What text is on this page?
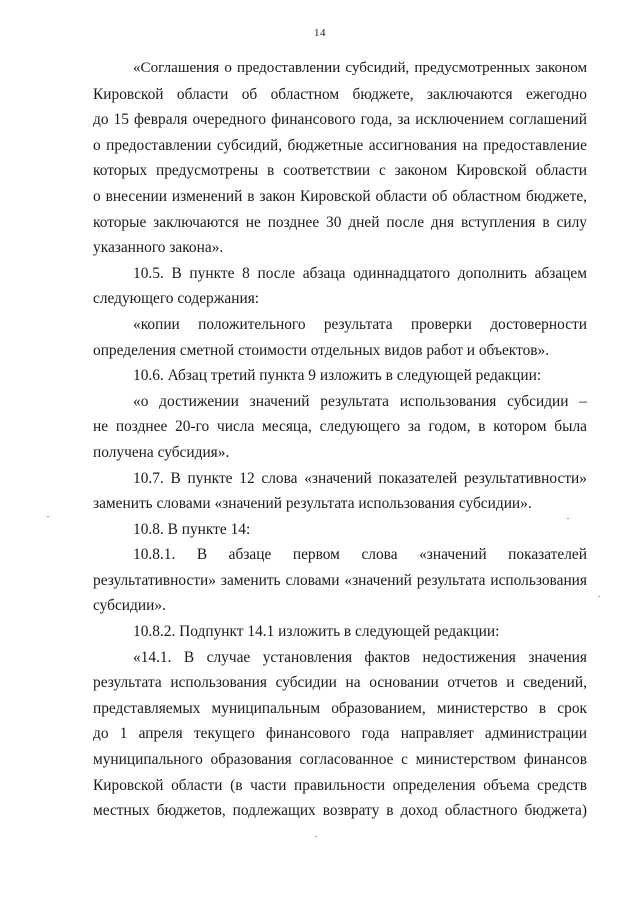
14
«Соглашения о предоставлении субсидий, предусмотренных законом
Кировской области об областном бюджете, заключаются ежегодно
до 15 февраля очередного финансового года, за исключением соглашений
о предоставлении субсидий, бюджетные ассигнования на предоставление
которых предусмотрены в соответствии с законом Кировской области
о внесении изменений в закон Кировской области об областном бюджете,
которые заключаются не позднее 30 дней после дня вступления в силу
указанного закона».
10.5. В пункте 8 после абзаца одиннадцатого дополнить абзацем
следующего содержания:
«копии положительного результата проверки достоверности
определения сметной стоимости отдельных видов работ и объектов».
10.6. Абзац третий пункта 9 изложить в следующей редакции:
«о достижении значений результата использования субсидии –
не позднее 20-го числа месяца, следующего за годом, в котором была
получена субсидия».
10.7. В пункте 12 слова «значений показателей результативности»
заменить словами «значений результата использования субсидии».
10.8. В пункте 14:
10.8.1. В абзаце первом слова «значений показателей
результативности» заменить словами «значений результата использования
субсидии».
10.8.2. Подпункт 14.1 изложить в следующей редакции:
«14.1. В случае установления фактов недостижения значения
результата использования субсидии на основании отчетов и сведений,
представляемых муниципальным образованием, министерство в срок
до 1 апреля текущего финансового года направляет администрации
муниципального образования согласованное с министерством финансов
Кировской области (в части правильности определения объема средств
местных бюджетов, подлежащих возврату в доход областного бюджета)
